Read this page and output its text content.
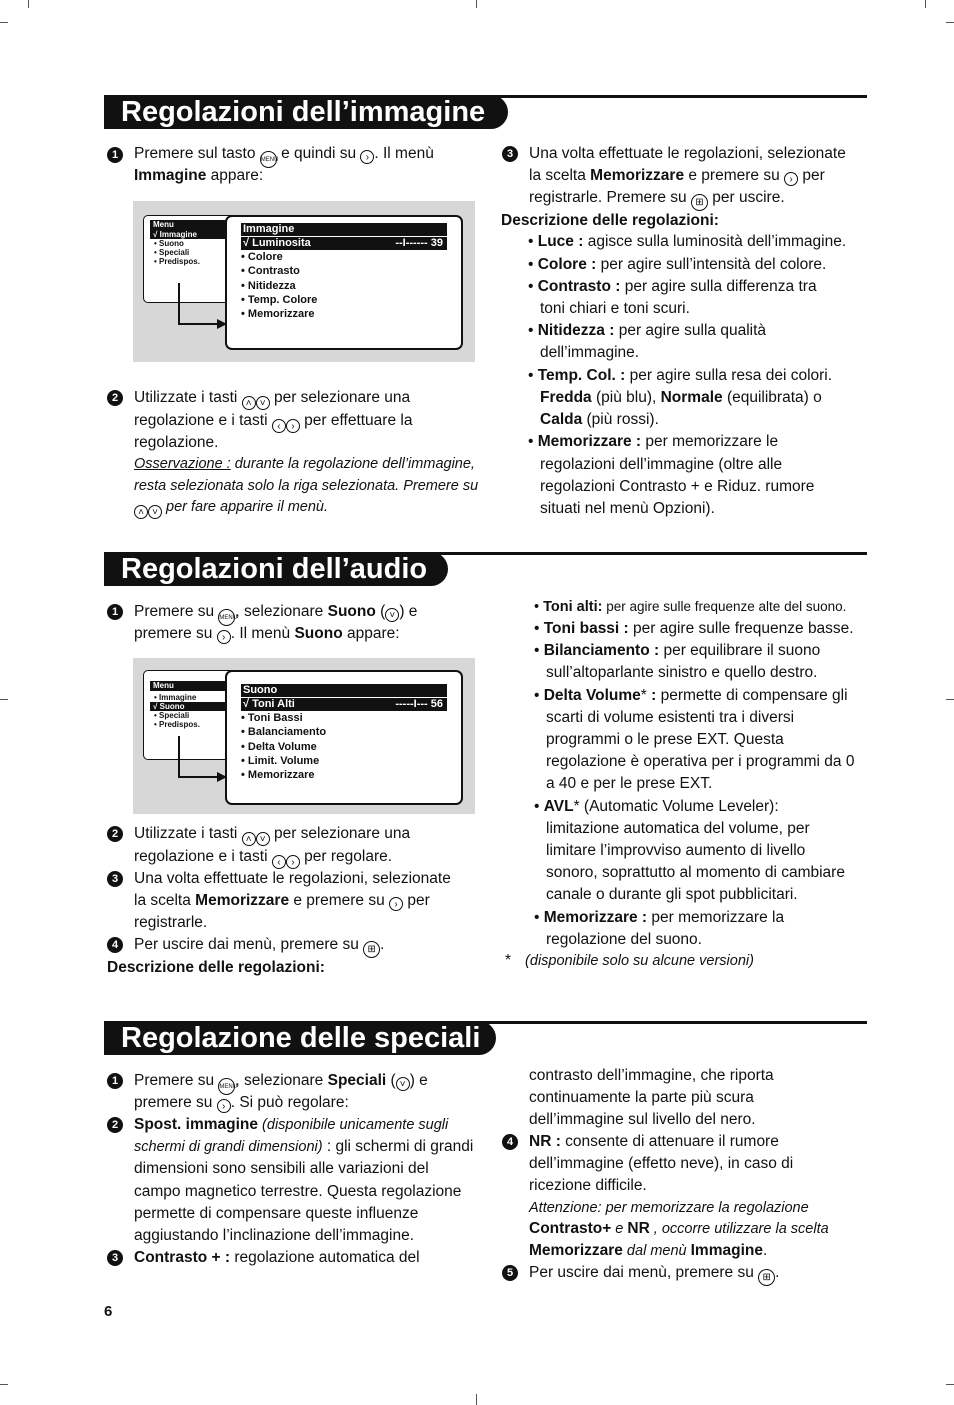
Regolazioni dell’immagine
1	Premere sul tasto MENU e quindi su › . Il menù
Immagine appare:
Menu
√ Immagine
• Suono
• Speciali
• Predispos.
Immagine
√ Luminosita	--I------ 39
• Colore
• Contrasto
• Nitidezza
• Temp. Colore
• Memorizzare
2	Utilizzate i tasti ˄ ˅ per selezionare una
regolazione e i tasti ‹ › per effettuare la
regolazione.
Osservazione : durante la regolazione dell’immagine,
resta selezionata solo la riga selezionata. Premere su
˄ ˅ per fare apparire il menù.
3	Una volta effettuate le regolazioni, selezionate
la scelta Memorizzare e premere su › per
registrarle. Premere su ⊞ per uscire.
Descrizione delle regolazioni:
• Luce : agisce sulla luminosità dell’immagine.
• Colore : per agire sull’intensità del colore.
• Contrasto : per agire sulla differenza tra
toni chiari e toni scuri.
• Nitidezza : per agire sulla qualità
dell’immagine.
• Temp. Col. : per agire sulla resa dei colori.
Fredda (più blu), Normale (equilibrata) o
Calda (più rossi).
• Memorizzare : per memorizzare le
regolazioni dell’immagine (oltre alle
regolazioni Contrasto + e Riduz. rumore
situati nel menù Opzioni).
Regolazioni dell’audio
1	Premere su MENU, selezionare Suono ( ˅ ) e
premere su › . Il menù Suono appare:
Menu
• Immagine
√ Suono
• Speciali
• Predispos.
Suono
√ Toni Alti	-----I--- 56
• Toni Bassi
• Balanciamento
• Delta Volume
• Limit. Volume
• Memorizzare
2	Utilizzate i tasti ˄ ˅ per selezionare una
regolazione e i tasti ‹ › per regolare.
3	Una volta effettuate le regolazioni, selezionate
la scelta Memorizzare e premere su › per
registrarle.
4	Per uscire dai menù, premere su ⊞ .
Descrizione delle regolazioni:
• Toni alti: per agire sulle frequenze alte del suono.
• Toni bassi : per agire sulle frequenze basse.
• Bilanciamento : per equilibrare il suono
sull’altoparlante sinistro e quello destro.
• Delta Volume* : permette di compensare gli
scarti di volume esistenti tra i diversi
programmi o le prese EXT. Questa
regolazione è operativa per i programmi da 0
a 40 e per le prese EXT.
• AVL* (Automatic Volume Leveler):
limitazione automatica del volume, per
limitare l’improvviso aumento di livello
sonoro, soprattutto al momento di cambiare
canale o durante gli spot pubblicitari.
• Memorizzare : per memorizzare la
regolazione del suono.
* (disponibile solo su alcune versioni)
Regolazione delle speciali
1	Premere su MENU, selezionare Speciali ( ˅ ) e
premere su › . Si può regolare:
2	Spost. immagine (disponibile unicamente sugli
schermi di grandi dimensioni) : gli schermi di grandi
dimensioni sono sensibili alle variazioni del
campo magnetico terrestre. Questa regolazione
permette di compensare queste influenze
aggiustando l’inclinazione dell’immagine.
3	Contrasto + : regolazione automatica del
contrasto dell’immagine, che riporta
continuamente la parte più scura
dell’immagine sul livello del nero.
4	NR : consente di attenuare il rumore
dell’immagine (effetto neve), in caso di
ricezione difficile.
Attenzione: per memorizzare la regolazione
Contrasto+ e NR , occorre utilizzare la scelta
Memorizzare dal menù Immagine.
5	Per uscire dai menù, premere su ⊞ .
6
